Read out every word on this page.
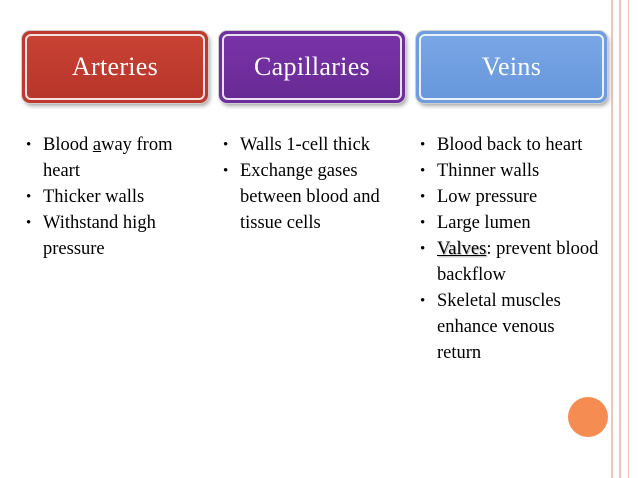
Arteries	Capillaries	Veins
• Blood away from heart
• Thicker walls
• Withstand high pressure
• Walls 1-cell thick
• Exchange gases between blood and tissue cells
• Blood back to heart
• Thinner walls
• Low pressure
• Large lumen
• Valves: prevent blood backflow
• Skeletal muscles enhance venous return
